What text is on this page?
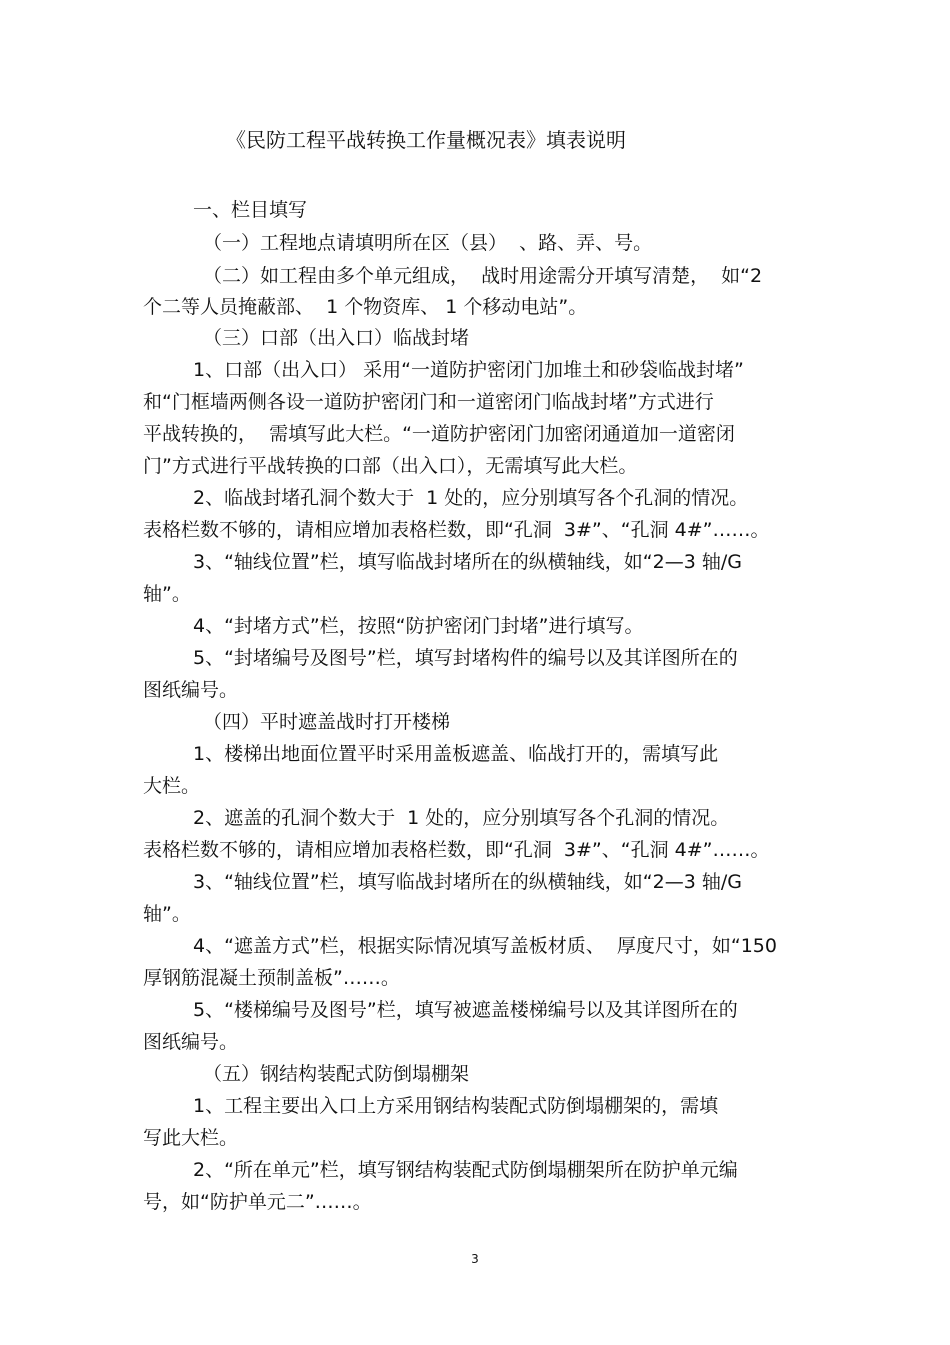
《民防工程平战转换工作量概况表》填表说明
一、栏目填写
（一）工程地点请填明所在区（县）  、路、弄、号。
（二）如工程由多个单元组成，  战时用途需分开填写清楚，  如“2
个二等人员掩蔽部、  1 个物资库、 1 个移动电站”。
（三）口部（出入口）临战封堵
1、口部（出入口） 采用“一道防护密闭门加堆土和砂袋临战封堵”
和“门框墙两侧各设一道防护密闭门和一道密闭门临战封堵”方式进行
平战转换的，  需填写此大栏。“一道防护密闭门加密闭通道加一道密闭
门”方式进行平战转换的口部（出入口），无需填写此大栏。
2、临战封堵孔洞个数大于  1 处的，应分别填写各个孔洞的情况。
表格栏数不够的，请相应增加表格栏数，即“孔洞  3#”、“孔洞 4#”……。
3、“轴线位置”栏，填写临战封堵所在的纵横轴线，如“2—3 轴/G
轴”。
4、“封堵方式”栏，按照“防护密闭门封堵”进行填写。
5、“封堵编号及图号”栏，填写封堵构件的编号以及其详图所在的
图纸编号。
（四）平时遮盖战时打开楼梯
1、楼梯出地面位置平时采用盖板遮盖、临战打开的，需填写此
大栏。
2、遮盖的孔洞个数大于  1 处的，应分别填写各个孔洞的情况。
表格栏数不够的，请相应增加表格栏数，即“孔洞  3#”、“孔洞 4#”……。
3、“轴线位置”栏，填写临战封堵所在的纵横轴线，如“2—3 轴/G
轴”。
4、“遮盖方式”栏，根据实际情况填写盖板材质、  厚度尺寸，如“150
厚钢筋混凝土预制盖板”……。
5、“楼梯编号及图号”栏，填写被遮盖楼梯编号以及其详图所在的
图纸编号。
（五）钢结构装配式防倒塌棚架
1、工程主要出入口上方采用钢结构装配式防倒塌棚架的，需填
写此大栏。
2、“所在单元”栏，填写钢结构装配式防倒塌棚架所在防护单元编
号，如“防护单元二”……。
3
